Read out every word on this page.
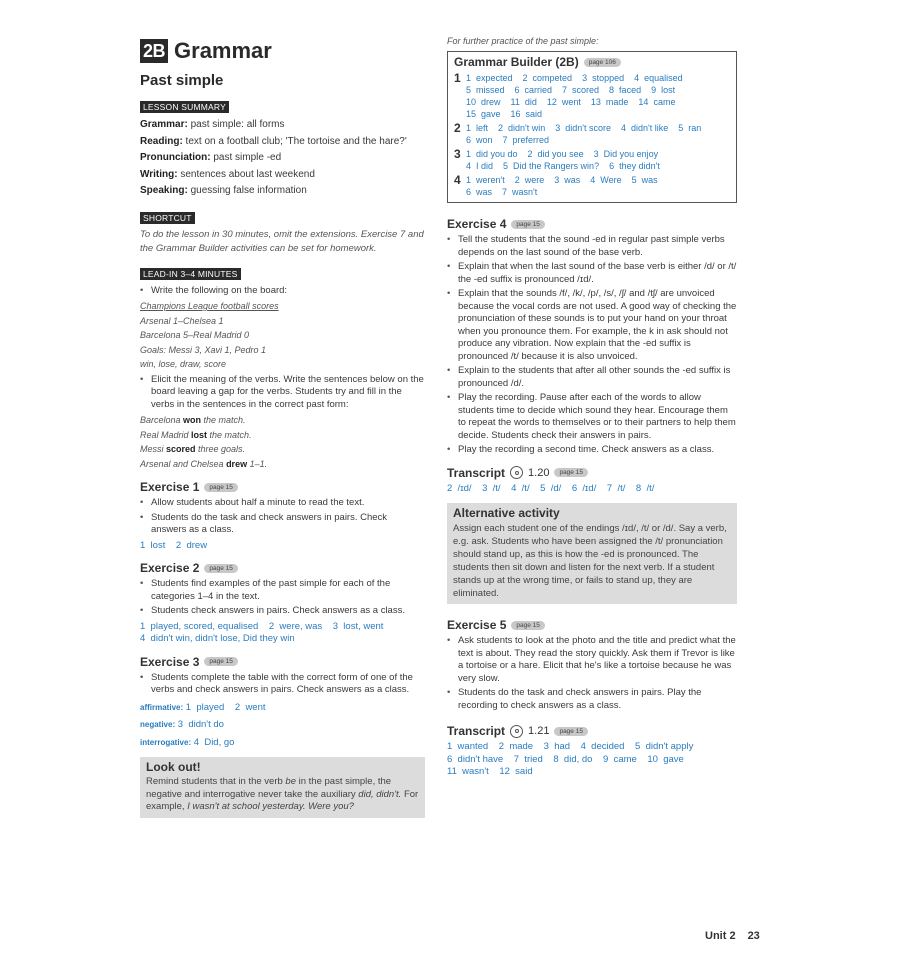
2B Grammar
Past simple
LESSON SUMMARY
Grammar: past simple: all forms
Reading: text on a football club; 'The tortoise and the hare?'
Pronunciation: past simple -ed
Writing: sentences about last weekend
Speaking: guessing false information
SHORTCUT

To do the lesson in 30 minutes, omit the extensions. Exercise 7 and the Grammar Builder activities can be set for homework.

LEAD-IN 3–4 MINUTES
• Write the following on the board:
Champions League football scores
Arsenal 1–Chelsea 1
Barcelona 5–Real Madrid 0
Goals: Messi 3, Xavi 1, Pedro 1
win, lose, draw, score
• Elicit the meaning of the verbs. Write the sentences below on the board leaving a gap for the verbs. Students try and fill in the verbs in the sentences in the correct past form:
Barcelona won the match.
Real Madrid lost the match.
Messi scored three goals.
Arsenal and Chelsea drew 1–1.
Exercise 1	page 15
• Allow students about half a minute to read the text.
• Students do the task and check answers in pairs. Check answers as a class.
1  lost    2  drew
Exercise 2	page 15
• Students find examples of the past simple for each of the categories 1–4 in the text.
• Students check answers in pairs. Check answers as a class.
1  played, scored, equalised    2  were, was    3  lost, went
4  didn't win, didn't lose, Did they win
Exercise 3	page 15
• Students complete the table with the correct form of one of the verbs and check answers in pairs. Check answers as a class.
affirmative: 1  played    2  went
negative: 3  didn't do
interrogative: 4  Did, go
Look out!

Remind students that in the verb be in the past simple, the negative and interrogative never take the auxiliary did, didn't. For example, I wasn't at school yesterday. Were you?

For further practice of the past simple:

Grammar Builder (2B)	page 106
1 1  expected    2  competed    3  stopped    4  equalised
5  missed    6  carried    7  scored    8  faced    9  lost
10  drew    11  did    12  went    13  made    14  came
15  gave    16  said
2 1  left    2  didn't win    3  didn't score    4  didn't like    5  ran
6  won    7  preferred
3 1  did you do    2  did you see    3  Did you enjoy
4  I did    5  Did the Rangers win?    6  they didn't
4 1  weren't    2  were    3  was    4  Were    5  was
6  was    7  wasn't
Exercise 4	page 15
• Tell the students that the sound -ed in regular past simple verbs depends on the last sound of the base verb.
• Explain that when the last sound of the base verb is either /d/ or /t/ the -ed suffix is pronounced /ɪd/.
• Explain that the sounds /f/, /k/, /p/, /s/, /ʃ/ and /tʃ/ are unvoiced because the vocal cords are not used. A good way of checking the pronunciation of these sounds is to put your hand on your throat when you pronounce them. For example, the k in ask should not produce any vibration. Now explain that the -ed suffix is pronounced /t/ because it is also unvoiced.
• Explain to the students that after all other sounds the -ed suffix is pronounced /d/.
• Play the recording. Pause after each of the words to allow students time to decide which sound they hear. Encourage them to repeat the words to themselves or to their partners to help them decide. Students check their answers in pairs.
• Play the recording a second time. Check answers as a class.
Transcript 1.20	page 15
2  /ɪd/    3  /t/    4  /t/    5  /d/    6  /ɪd/    7  /t/    8  /t/
Alternative activity

Assign each student one of the endings /ɪd/, /t/ or /d/. Say a verb, e.g. ask. Students who have been assigned the /t/ pronunciation should stand up, as this is how the -ed is pronounced. The students then sit down and listen for the next verb. If a student stands up at the wrong time, or fails to stand up, they are eliminated.

Exercise 5	page 15
• Ask students to look at the photo and the title and predict what the text is about. They read the story quickly. Ask them if Trevor is like a tortoise or a hare. Elicit that he's like a tortoise because he was very slow.
• Students do the task and check answers in pairs. Play the recording to check answers as a class.
Transcript 1.21	page 15
1  wanted    2  made    3  had    4  decided    5  didn't apply
6  didn't have    7  tried    8  did, do    9  came    10  gave
11  wasn't    12  said
Unit 2 23
